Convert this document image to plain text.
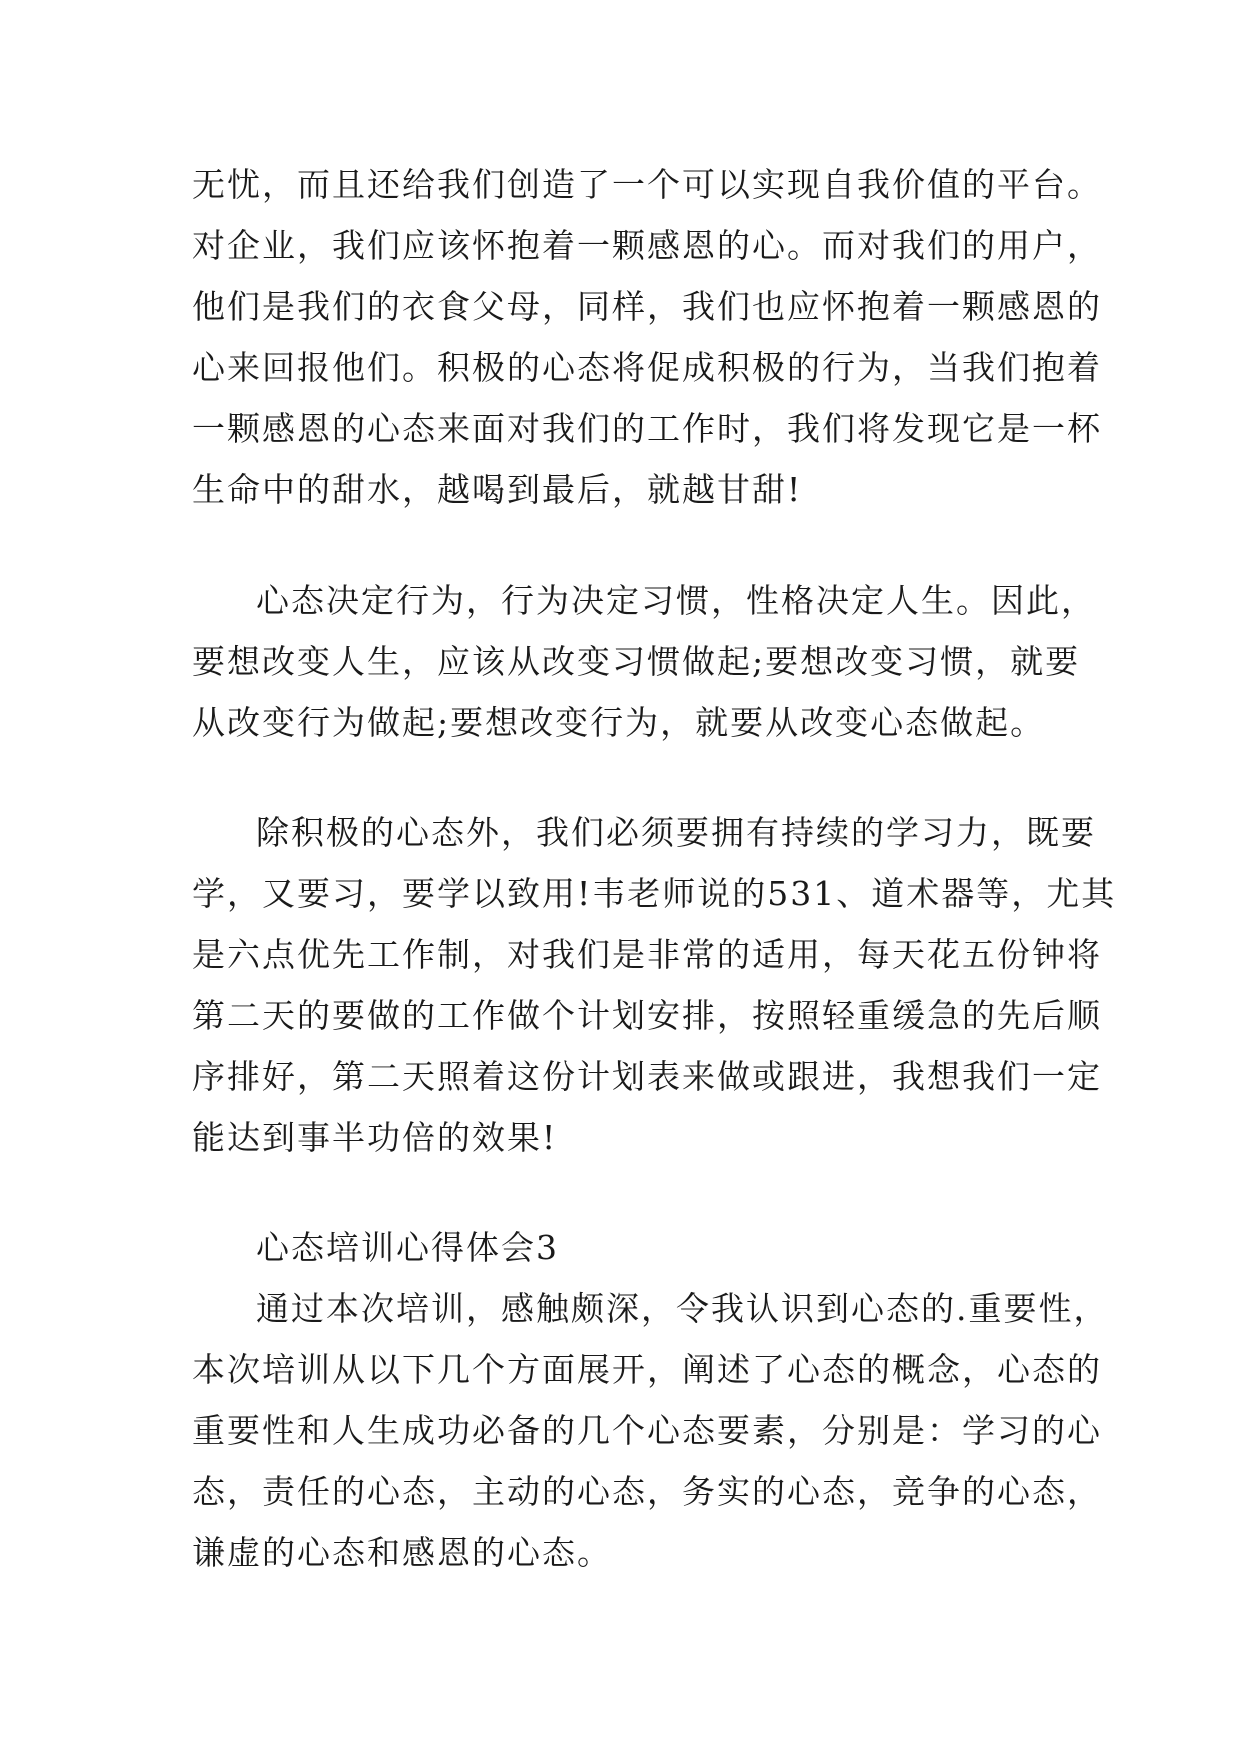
无忧，而且还给我们创造了一个可以实现自我价值的平台。
对企业，我们应该怀抱着一颗感恩的心。而对我们的用户，
他们是我们的衣食父母，同样，我们也应怀抱着一颗感恩的
心来回报他们。积极的心态将促成积极的行为，当我们抱着
一颗感恩的心态来面对我们的工作时，我们将发现它是一杯
生命中的甜水，越喝到最后，就越甘甜!
心态决定行为，行为决定习惯，性格决定人生。因此，
要想改变人生，应该从改变习惯做起;要想改变习惯，就要
从改变行为做起;要想改变行为，就要从改变心态做起。
除积极的心态外，我们必须要拥有持续的学习力，既要
学，又要习，要学以致用!韦老师说的531、道术器等，尤其
是六点优先工作制，对我们是非常的适用，每天花五份钟将
第二天的要做的工作做个计划安排，按照轻重缓急的先后顺
序排好，第二天照着这份计划表来做或跟进，我想我们一定
能达到事半功倍的效果!
心态培训心得体会3
通过本次培训，感触颇深，令我认识到心态的.重要性，
本次培训从以下几个方面展开，阐述了心态的概念，心态的
重要性和人生成功必备的几个心态要素，分别是：学习的心
态，责任的心态，主动的心态，务实的心态，竞争的心态，
谦虚的心态和感恩的心态。
